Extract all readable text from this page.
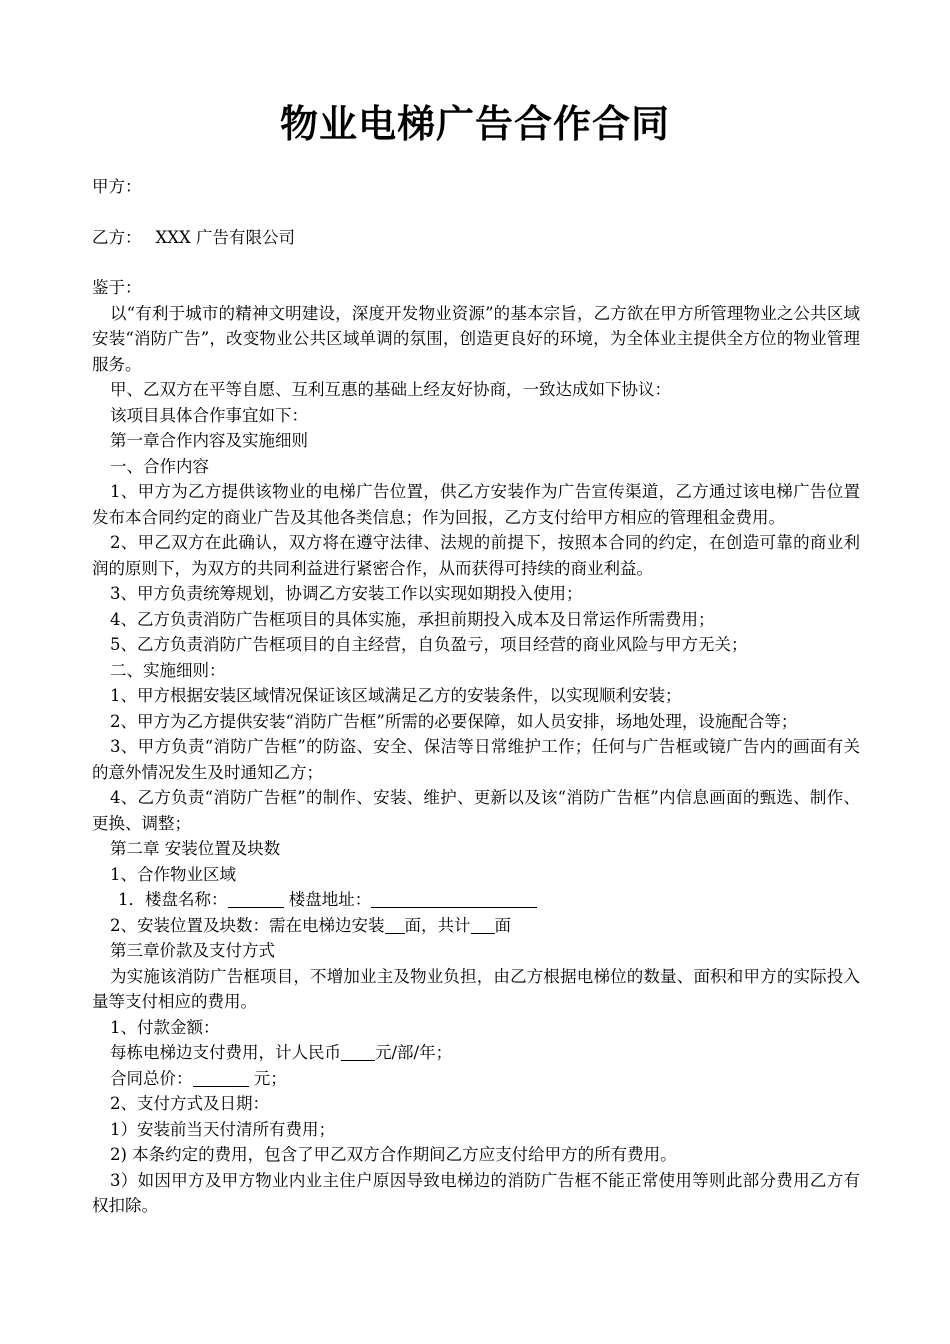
物业电梯广告合作合同

甲方：

乙方： XXX 广告有限公司

鉴于：

以“有利于城市的精神文明建设，深度开发物业资源”的基本宗旨，乙方欲在甲方所管理物业之公共区域安装“消防广告”，改变物业公共区域单调的氛围，创造更良好的环境，为全体业主提供全方位的物业管理服务。

甲、乙双方在平等自愿、互利互惠的基础上经友好协商，一致达成如下协议：

该项目具体合作事宜如下：

第一章合作内容及实施细则

一、合作内容

1、甲方为乙方提供该物业的电梯广告位置，供乙方安装作为广告宣传渠道，乙方通过该电梯广告位置发布本合同约定的商业广告及其他各类信息；作为回报，乙方支付给甲方相应的管理租金费用。

2、甲乙双方在此确认，双方将在遵守法律、法规的前提下，按照本合同的约定，在创造可靠的商业利润的原则下，为双方的共同利益进行紧密合作，从而获得可持续的商业利益。

3、甲方负责统筹规划，协调乙方安装工作以实现如期投入使用；

4、乙方负责消防广告框项目的具体实施，承担前期投入成本及日常运作所需费用；

5、乙方负责消防广告框项目的自主经营，自负盈亏，项目经营的商业风险与甲方无关；

二、实施细则：

1、甲方根据安装区域情况保证该区域满足乙方的安装条件，以实现顺利安装；

2、甲方为乙方提供安装“消防广告框”所需的必要保障，如人员安排，场地处理，设施配合等；

3、甲方负责“消防广告框”的防盗、安全、保洁等日常维护工作；任何与广告框或镜广告内的画面有关的意外情况发生及时通知乙方；

4、乙方负责“消防广告框”的制作、安装、维护、更新以及该“消防广告框”内信息画面的甄选、制作、更换、调整；

第二章 安装位置及块数

1、合作物业区域

1．楼盘名称：	楼盘地址：

2、安装位置及块数：需在电梯边安装 面，共计 面

第三章价款及支付方式

为实施该消防广告框项目，不增加业主及物业负担，由乙方根据电梯位的数量、面积和甲方的实际投入量等支付相应的费用。

1、付款金额：

每栋电梯边支付费用，计人民币 元/部/年；

合同总价：	元；

2、支付方式及日期：

1）安装前当天付清所有费用；

2) 本条约定的费用，包含了甲乙双方合作期间乙方应支付给甲方的所有费用。

3）如因甲方及甲方物业内业主住户原因导致电梯边的消防广告框不能正常使用等则此部分费用乙方有权扣除。
